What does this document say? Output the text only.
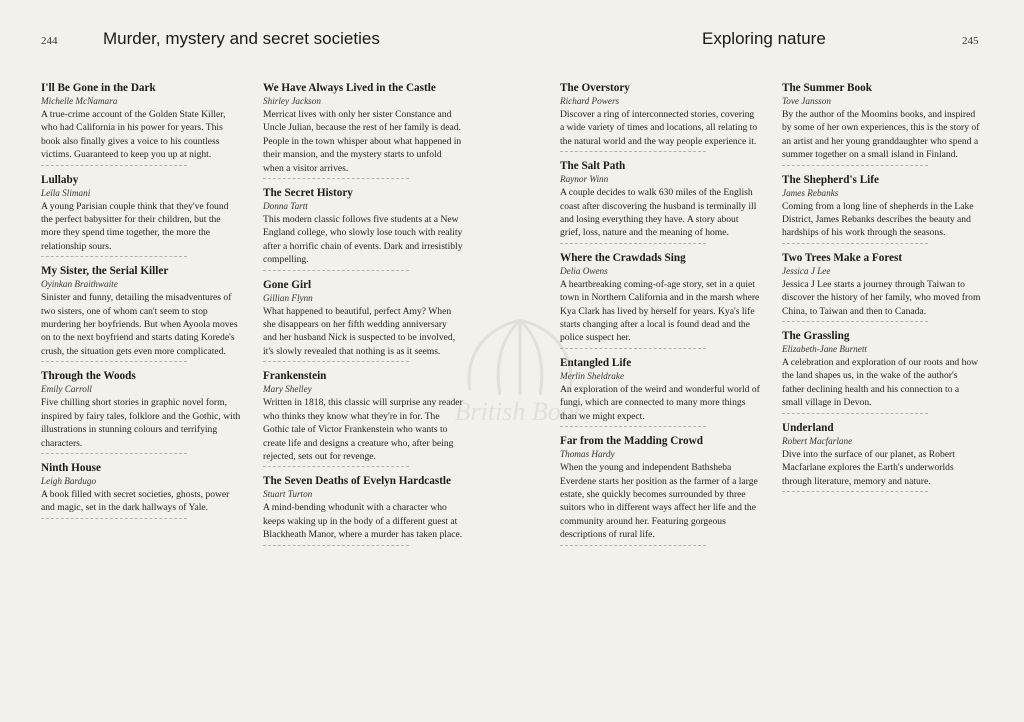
244	Murder, mystery and secret societies

I'll Be Gone in the Dark

Michelle McNamara

A true-crime account of the Golden State Killer, who had California in his power for years. This book also finally gives a voice to his countless victims. Guaranteed to keep you up at night.

Lullaby

Leïla Slimani

A young Parisian couple think that they've found the perfect babysitter for their children, but the more they spend time together, the more the relationship sours.

My Sister, the Serial Killer

Oyinkan Braithwaite

Sinister and funny, detailing the misadventures of two sisters, one of whom can't seem to stop murdering her boyfriends. But when Ayoola moves on to the next boyfriend and starts dating Korede's crush, the situation gets even more complicated.

Through the Woods

Emily Carroll

Five chilling short stories in graphic novel form, inspired by fairy tales, folklore and the Gothic, with illustrations in stunning colours and terrifying characters.

Ninth House

Leigh Bardugo

A book filled with secret societies, ghosts, power and magic, set in the dark hallways of Yale.

We Have Always Lived in the Castle

Shirley Jackson

Merricat lives with only her sister Constance and Uncle Julian, because the rest of her family is dead. People in the town whisper about what happened in their mansion, and the mystery starts to unfold when a visitor arrives.

The Secret History

Donna Tartt

This modern classic follows five students at a New England college, who slowly lose touch with reality after a horrific chain of events. Dark and irresistibly compelling.

Gone Girl

Gillian Flynn

What happened to beautiful, perfect Amy? When she disappears on her fifth wedding anniversary and her husband Nick is suspected to be involved, it's slowly revealed that nothing is as it seems.

Frankenstein

Mary Shelley

Written in 1818, this classic will surprise any reader who thinks they know what they're in for. The Gothic tale of Victor Frankenstein who wants to create life and designs a creature who, after being rejected, sets out for revenge.

The Seven Deaths of Evelyn Hardcastle

Stuart Turton

A mind-bending whodunit with a character who keeps waking up in the body of a different guest at Blackheath Manor, where a murder has taken place.

Exploring nature	245

The Overstory

Richard Powers

Discover a ring of interconnected stories, covering a wide variety of times and locations, all relating to the natural world and the way people experience it.

The Salt Path

Raynor Winn

A couple decides to walk 630 miles of the English coast after discovering the husband is terminally ill and losing everything they have. A story about grief, loss, nature and the meaning of home.

Where the Crawdads Sing

Delia Owens

A heartbreaking coming-of-age story, set in a quiet town in Northern California and in the marsh where Kya Clark has lived by herself for years. Kya's life starts changing after a local is found dead and the police suspect her.

Entangled Life

Merlin Sheldrake

An exploration of the weird and wonderful world of fungi, which are connected to many more things than we might expect.

Far from the Madding Crowd

Thomas Hardy

When the young and independent Bathsheba Everdene starts her position as the farmer of a large estate, she quickly becomes surrounded by three suitors who in different ways affect her life and the community around her. Featuring gorgeous descriptions of rural life.

The Summer Book

Tove Jansson

By the author of the Moomins books, and inspired by some of her own experiences, this is the story of an artist and her young granddaughter who spend a summer together on a small island in Finland.

The Shepherd's Life

James Rebanks

Coming from a long line of shepherds in the Lake District, James Rebanks describes the beauty and hardships of his work through the seasons.

Two Trees Make a Forest

Jessica J Lee

Jessica J Lee starts a journey through Taiwan to discover the history of her family, who moved from China, to Taiwan and then to Canada.

The Grassling

Elizabeth-Jane Burnett

A celebration and exploration of our roots and how the land shapes us, in the wake of the author's father declining health and his connection to a small village in Devon.

Underland

Robert Macfarlane

Dive into the surface of our planet, as Robert Macfarlane explores the Earth's underworlds through literature, memory and nature.

British Book
